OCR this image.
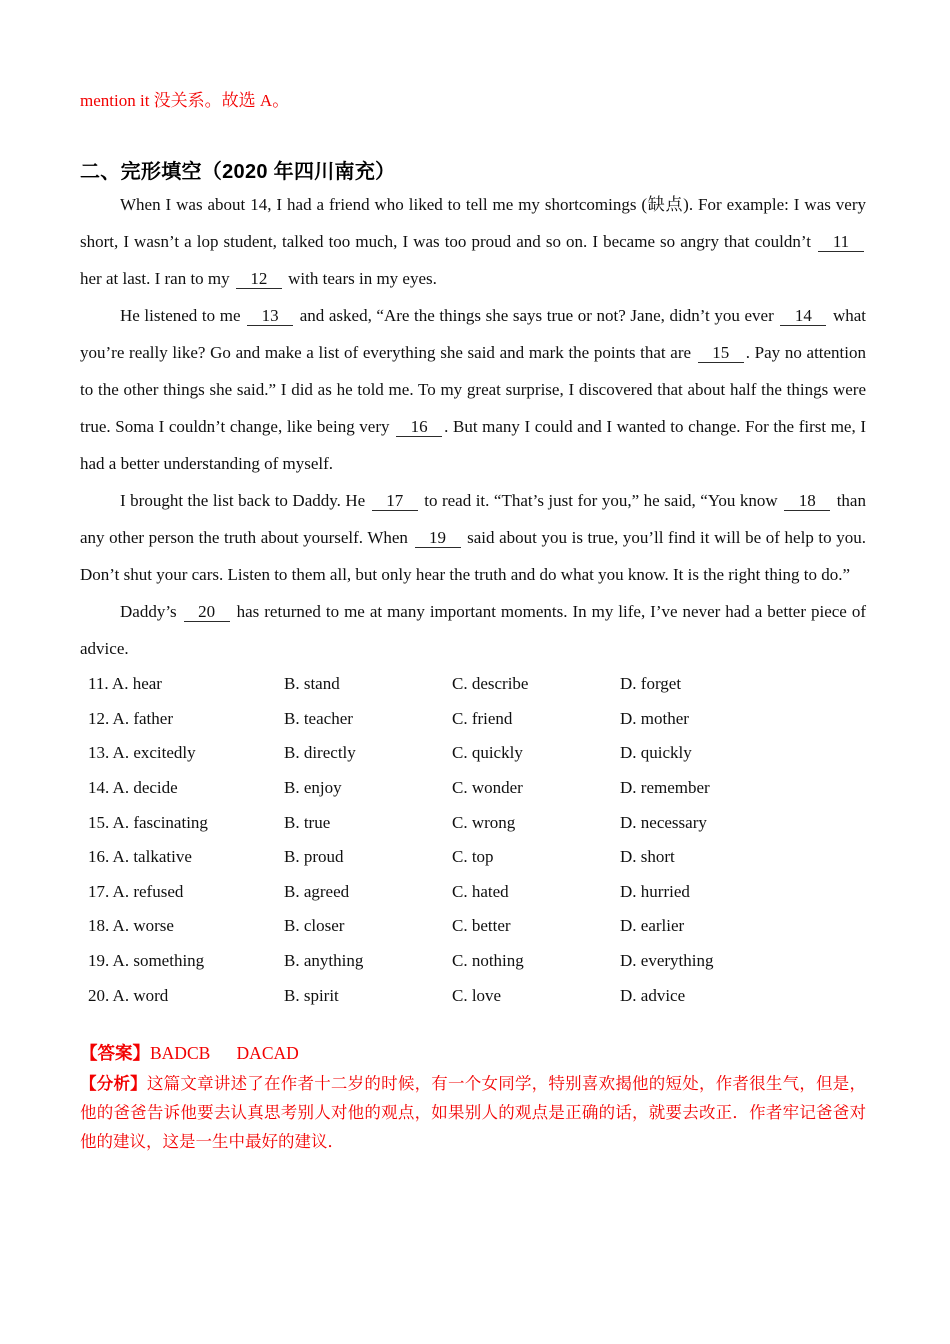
mention it 没关系。故选 A。

二、完形填空（2020 年四川南充）

When I was about 14, I had a friend who liked to tell me my shortcomings (缺点). For example: I was very short, I wasn’t a lop student, talked too much, I was too proud and so on. I became so angry that couldn’t 11 her at last. I ran to my 12 with tears in my eyes.

He listened to me 13 and asked, “Are the things she says true or not? Jane, didn’t you ever 14 what you’re really like? Go and make a list of everything she said and mark the points that are 15 . Pay no attention to the other things she said.” I did as he told me. To my great surprise, I discovered that about half the things were true. Soma I couldn’t change, like being very 16 . But many I could and I wanted to change. For the first me, I had a better understanding of myself.

I brought the list back to Daddy. He 17 to read it. “That’s just for you,” he said, “You know 18 than any other person the truth about yourself. When 19 said about you is true, you’ll find it will be of help to you. Don’t shut your cars. Listen to them all, but only hear the truth and do what you know. It is the right thing to do.”

Daddy’s 20 has returned to me at many important moments. In my life, I’ve never had a better piece of advice.

11. A. hear	B. stand	C. describe	D. forget
12. A. father	B. teacher	C. friend	D. mother
13. A. excitedly	B. directly	C. quickly	D. quickly
14. A. decide	B. enjoy	C. wonder	D. remember
15. A. fascinating	B. true	C. wrong	D. necessary
16. A. talkative	B. proud	C. top	D. short
17. A. refused	B. agreed	C. hated	D. hurried
18. A. worse	B. closer	C. better	D. earlier
19. A. something	B. anything	C. nothing	D. everything
20. A. word	B. spirit	C. love	D. advice

【答案】BADCB  DACAD

【分析】这篇文章讲述了在作者十二岁的时候，有一个女同学，特别喜欢揭他的短处，作者很生气，但是，他的爸爸告诉他要去认真思考别人对他的观点，如果别人的观点是正确的话，就要去改正．作者牢记爸爸对他的建议，这是一生中最好的建议．
